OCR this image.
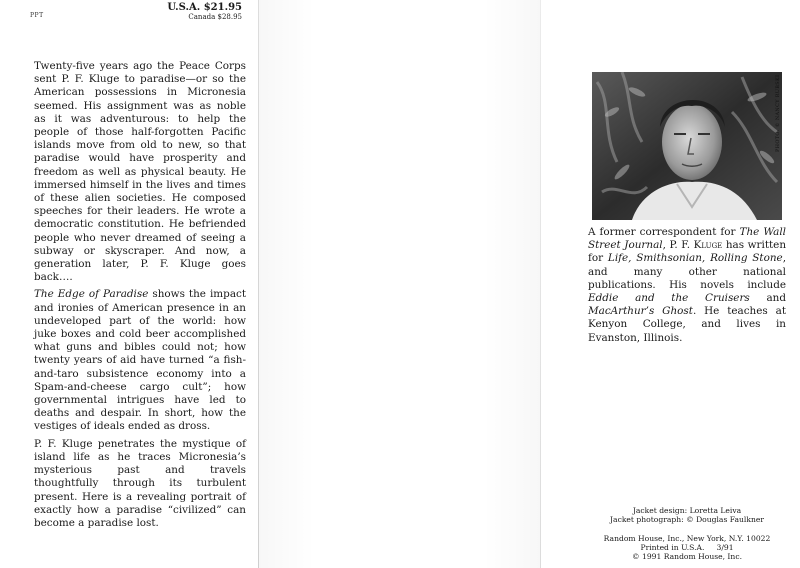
PPT
U.S.A. $21.95
Canada $28.95

Twenty-five years ago the Peace Corps sent P. F. Kluge to paradise—or so the American possessions in Micronesia seemed. His assignment was as noble as it was adventurous: to help the people of those half-forgotten Pacific islands move from old to new, so that paradise would have prosperity and freedom as well as physical beauty. He immersed himself in the lives and times of these alien societies. He composed speeches for their leaders. He wrote a democratic constitution. He befriended people who never dreamed of seeing a subway or skyscraper. And now, a generation later, P. F. Kluge goes back….

The Edge of Paradise shows the impact and ironies of American presence in an undeveloped part of the world: how juke boxes and cold beer accomplished what guns and bibles could not; how twenty years of aid have turned “a fish-and-taro subsistence economy into a Spam-and-cheese cargo cult”; how governmental intrigues have led to deaths and despair. In short, how the vestiges of ideals ended as dross.

P. F. Kluge penetrates the mystique of island life as he traces Micronesia’s mysterious past and travels thoughtfully through its turbulent present. Here is a revealing portrait of exactly how a paradise “civilized” can become a paradise lost.

PHOTO: © NANCY RUBSKI
A former correspondent for The Wall Street Journal, P. F. Kluge has written for Life, Smithsonian, Rolling Stone, and many other national publications. His novels include Eddie and the Cruisers and MacArthur’s Ghost. He teaches at Kenyon College, and lives in Evanston, Illinois.
Jacket design: Loretta Leiva
Jacket photograph: © Douglas Faulkner
Random House, Inc., New York, N.Y. 10022
Printed in U.S.A.     3/91
© 1991 Random House, Inc.
